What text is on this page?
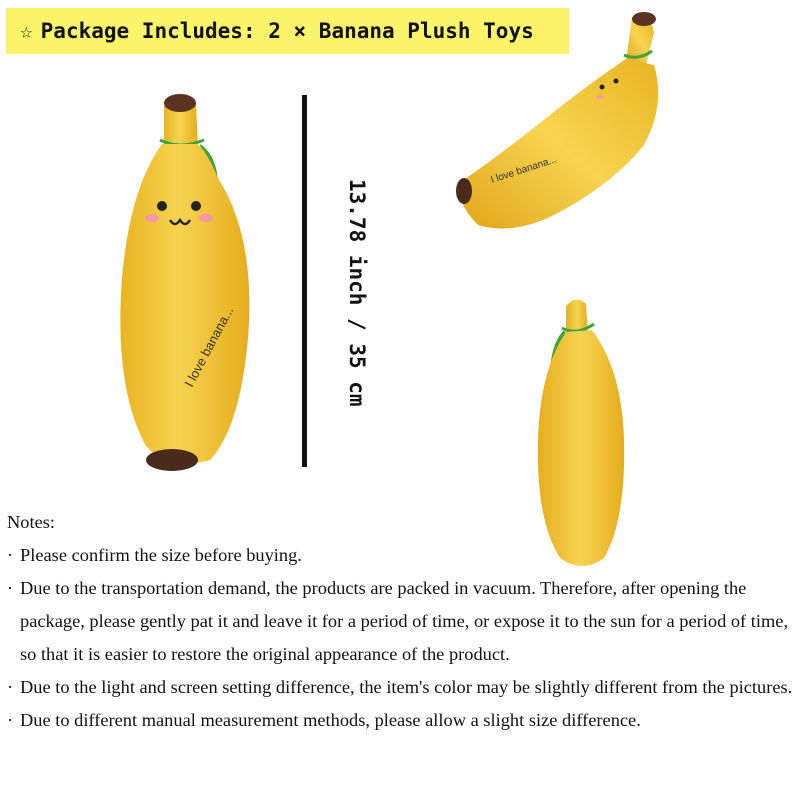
☆ Package Includes: 2 × Banana Plush Toys
13.78 inch / 35 cm
I love banana...
I love banana...
Notes:
· Please confirm the size before buying.
· Due to the transportation demand, the products are packed in vacuum. Therefore, after opening the package, please gently pat it and leave it for a period of time, or expose it to the sun for a period of time, so that it is easier to restore the original appearance of the product.
· Due to the light and screen setting difference, the item's color may be slightly different from the pictures.
· Due to different manual measurement methods, please allow a slight size difference.
